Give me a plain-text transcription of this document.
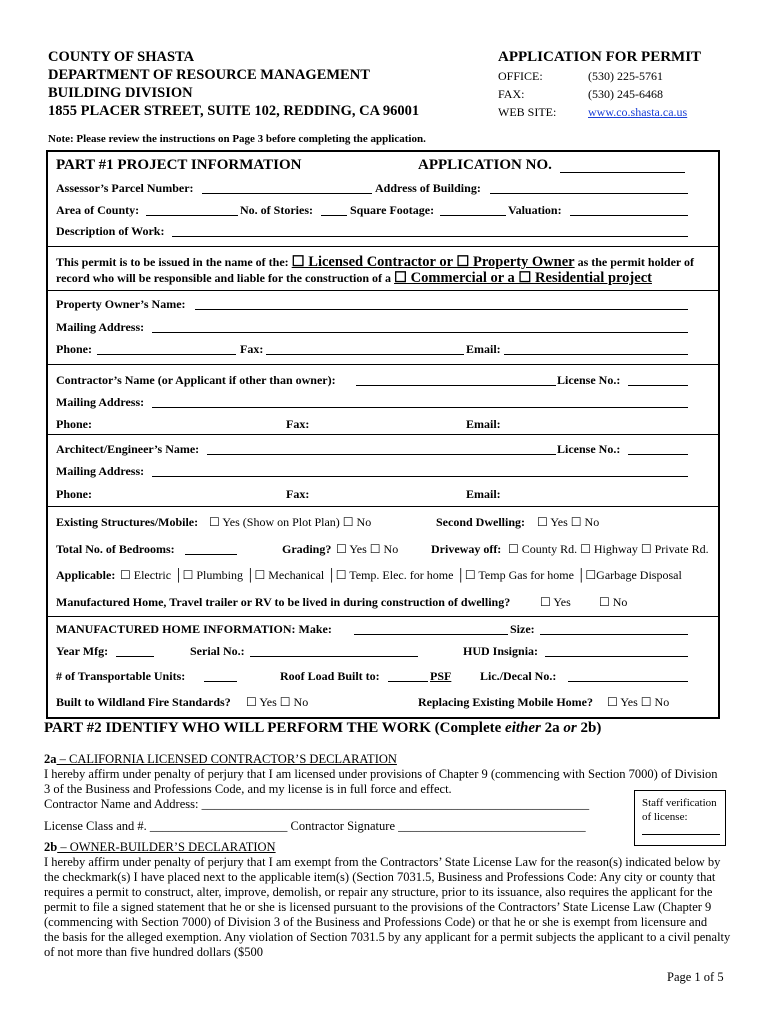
COUNTY OF SHASTA
DEPARTMENT OF RESOURCE MANAGEMENT
BUILDING DIVISION
1855 PLACER STREET, SUITE 102, REDDING, CA 96001
APPLICATION FOR PERMIT
OFFICE:	(530) 225-5761
FAX:	(530) 245-6468
WEB SITE:	www.co.shasta.ca.us
Note: Please review the instructions on Page 3 before completing the application.
PART #1 PROJECT INFORMATION	APPLICATION NO.
Assessor’s Parcel Number:	Address of Building:
Area of County:	No. of Stories:	Square Footage:	Valuation:
Description of Work:
This permit is to be issued in the name of the: ☐ Licensed Contractor or ☐ Property Owner as the permit holder of
record who will be responsible and liable for the construction of a ☐ Commercial or a ☐ Residential project
Property Owner’s Name:
Mailing Address:
Phone:	Fax:	Email:
Contractor’s Name (or Applicant if other than owner):	License No.:
Mailing Address:
Phone:	Fax:	Email:
Architect/Engineer’s Name:	License No.:
Mailing Address:
Phone:	Fax:	Email:
Existing Structures/Mobile: ☐ Yes (Show on Plot Plan) ☐ No	Second Dwelling: ☐ Yes ☐ No
Total No. of Bedrooms:	Grading? ☐ Yes ☐ No	Driveway off: ☐ County Rd. ☐ Highway ☐ Private Rd.
Applicable: ☐ Electric │☐ Plumbing │☐ Mechanical │☐ Temp. Elec. for home │☐ Temp Gas for home │☐Garbage Disposal
Manufactured Home, Travel trailer or RV to be lived in during construction of dwelling? ☐ Yes ☐ No
MANUFACTURED HOME INFORMATION: Make:	Size:
Year Mfg:	Serial No.:	HUD Insignia:
# of Transportable Units:	Roof Load Built to:	PSF Lic./Decal No.:
Built to Wildland Fire Standards? ☐ Yes ☐ No	Replacing Existing Mobile Home? ☐ Yes ☐ No
PART #2 IDENTIFY WHO WILL PERFORM THE WORK (Complete either 2a or 2b)
2a – CALIFORNIA LICENSED CONTRACTOR’S DECLARATION
I hereby affirm under penalty of perjury that I am licensed under provisions of Chapter 9 (commencing with Section 7000) of Division
3 of the Business and Professions Code, and my license is in full force and effect.
Contractor Name and Address: ______________________________________________________________
License Class and #. ______________________ Contractor Signature ______________________________
Staff verification
of license:
2b – OWNER-BUILDER’S DECLARATION
I hereby affirm under penalty of perjury that I am exempt from the Contractors’ State License Law for the reason(s) indicated below by
the checkmark(s) I have placed next to the applicable item(s) (Section 7031.5, Business and Professions Code: Any city or county that
requires a permit to construct, alter, improve, demolish, or repair any structure, prior to its issuance, also requires the applicant for the
permit to file a signed statement that he or she is licensed pursuant to the provisions of the Contractors’ State License Law (Chapter 9
(commencing with Section 7000) of Division 3 of the Business and Professions Code) or that he or she is exempt from licensure and
the basis for the alleged exemption. Any violation of Section 7031.5 by any applicant for a permit subjects the applicant to a civil penalty
of not more than five hundred dollars ($500
Page 1 of 5
